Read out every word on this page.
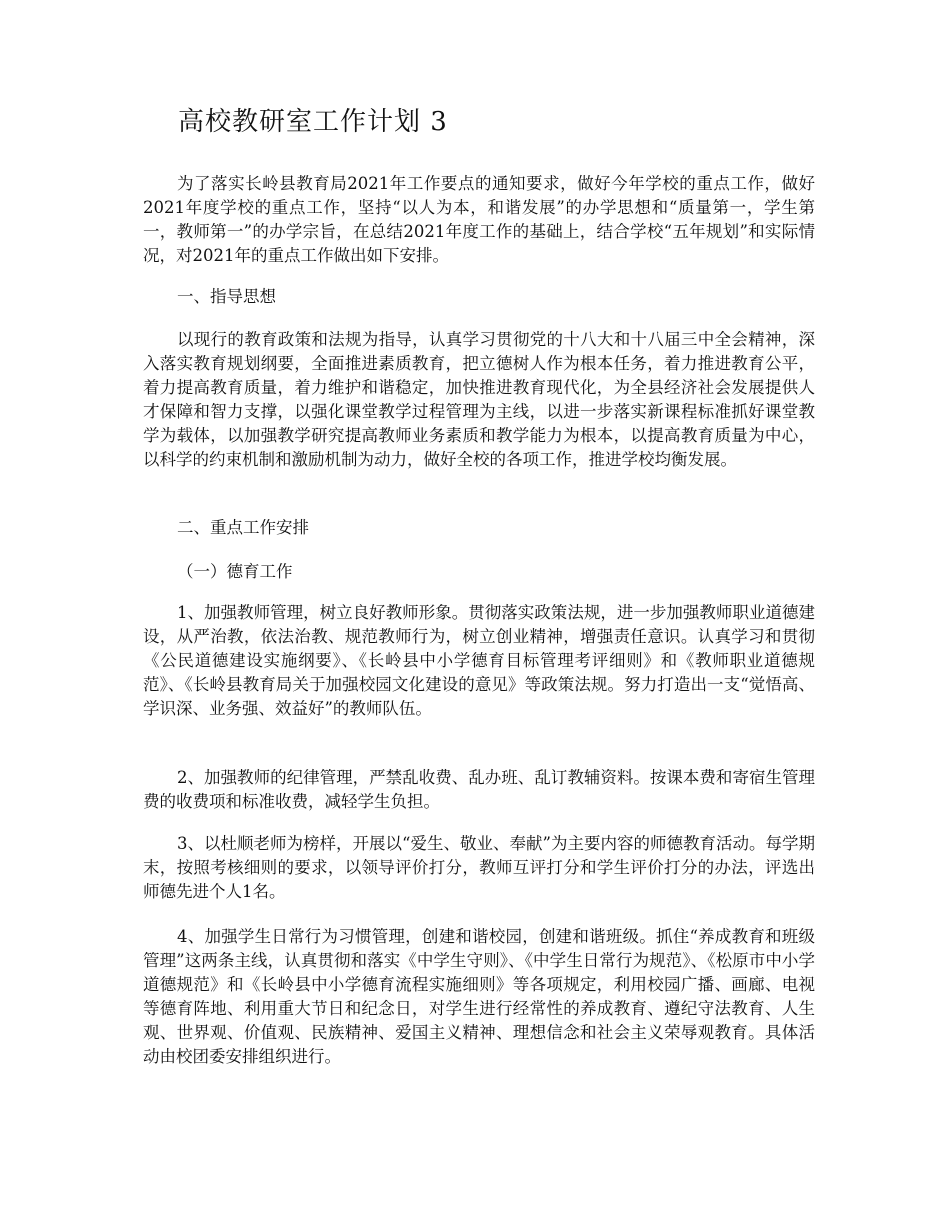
高校教研室工作计划 3

为了落实长岭县教育局2021年工作要点的通知要求，做好今年学校的重点工作，做好2021年度学校的重点工作，坚持“以人为本，和谐发展”的办学思想和“质量第一，学生第一，教师第一”的办学宗旨，在总结2021年度工作的基础上，结合学校“五年规划”和实际情况，对2021年的重点工作做出如下安排。

一、指导思想

以现行的教育政策和法规为指导，认真学习贯彻党的十八大和十八届三中全会精神，深入落实教育规划纲要，全面推进素质教育，把立德树人作为根本任务，着力推进教育公平，着力提高教育质量，着力维护和谐稳定，加快推进教育现代化，为全县经济社会发展提供人才保障和智力支撑，以强化课堂教学过程管理为主线，以进一步落实新课程标准抓好课堂教学为载体，以加强教学研究提高教师业务素质和教学能力为根本，以提高教育质量为中心，以科学的约束机制和激励机制为动力，做好全校的各项工作，推进学校均衡发展。

二、重点工作安排

（一）德育工作

1、加强教师管理，树立良好教师形象。贯彻落实政策法规，进一步加强教师职业道德建设，从严治教，依法治教、规范教师行为，树立创业精神，增强责任意识。认真学习和贯彻《公民道德建设实施纲要》、《长岭县中小学德育目标管理考评细则》和《教师职业道德规范》、《长岭县教育局关于加强校园文化建设的意见》等政策法规。努力打造出一支“觉悟高、学识深、业务强、效益好”的教师队伍。

2、加强教师的纪律管理，严禁乱收费、乱办班、乱订教辅资料。按课本费和寄宿生管理费的收费项和标准收费，减轻学生负担。

3、以杜顺老师为榜样，开展以“爱生、敬业、奉献”为主要内容的师德教育活动。每学期末，按照考核细则的要求，以领导评价打分，教师互评打分和学生评价打分的办法，评选出师德先进个人1名。

4、加强学生日常行为习惯管理，创建和谐校园，创建和谐班级。抓住“养成教育和班级管理”这两条主线，认真贯彻和落实《中学生守则》、《中学生日常行为规范》、《松原市中小学道德规范》和《长岭县中小学德育流程实施细则》等各项规定，利用校园广播、画廊、电视等德育阵地、利用重大节日和纪念日，对学生进行经常性的养成教育、遵纪守法教育、人生观、世界观、价值观、民族精神、爱国主义精神、理想信念和社会主义荣辱观教育。具体活动由校团委安排组织进行。
